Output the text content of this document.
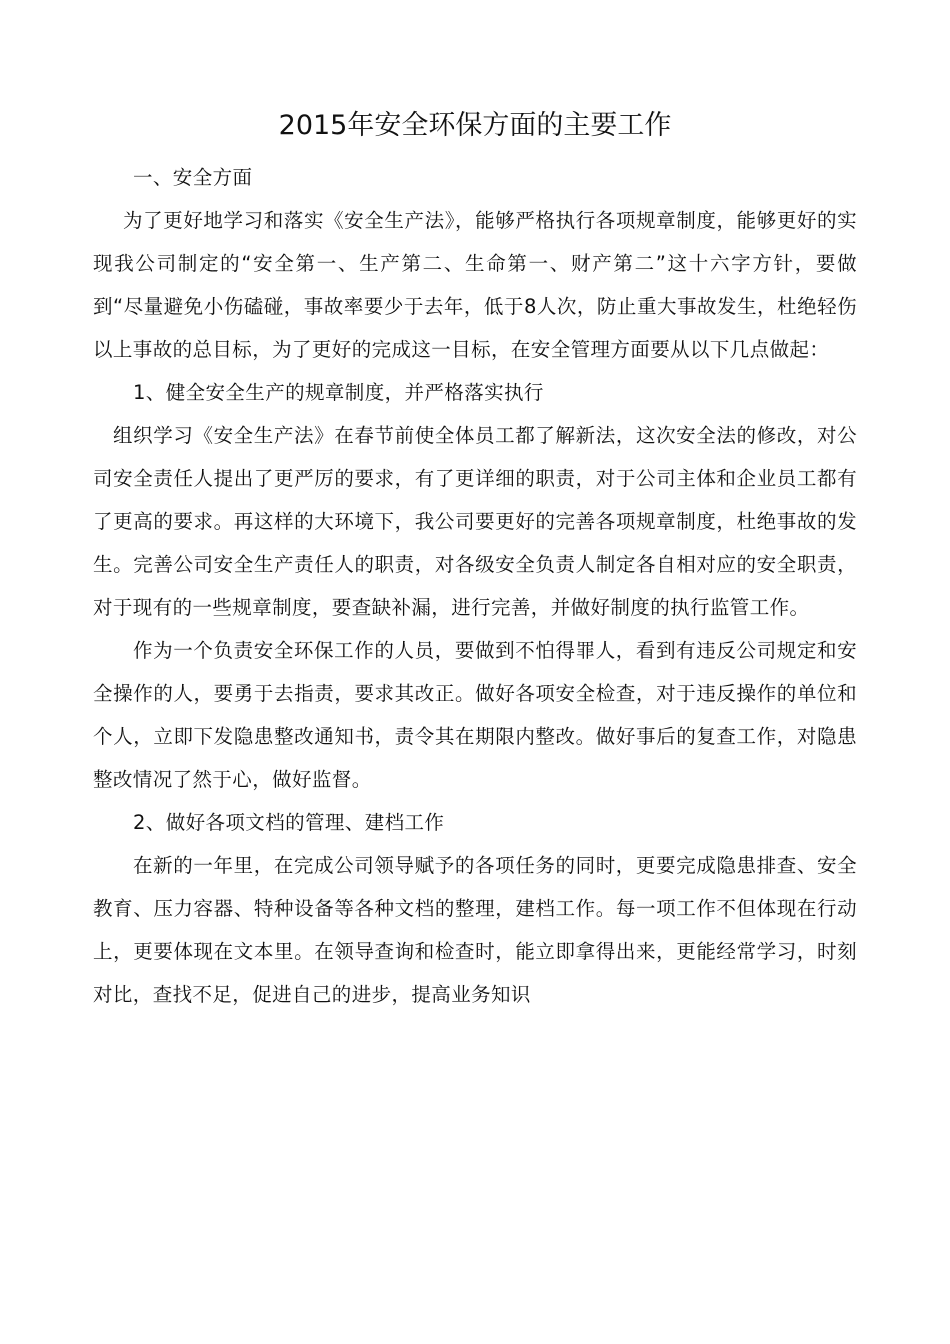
2015年安全环保方面的主要工作

一、安全方面

为了更好地学习和落实《安全生产法》，能够严格执行各项规章制度，能够更好的实现我公司制定的“安全第一、生产第二、生命第一、财产第二”这十六字方针，要做到“尽量避免小伤磕碰，事故率要少于去年，低于8人次，防止重大事故发生，杜绝轻伤以上事故的总目标，为了更好的完成这一目标，在安全管理方面要从以下几点做起：

1、健全安全生产的规章制度，并严格落实执行

组织学习《安全生产法》在春节前使全体员工都了解新法，这次安全法的修改，对公司安全责任人提出了更严厉的要求，有了更详细的职责，对于公司主体和企业员工都有了更高的要求。再这样的大环境下，我公司要更好的完善各项规章制度，杜绝事故的发生。完善公司安全生产责任人的职责，对各级安全负责人制定各自相对应的安全职责，对于现有的一些规章制度，要查缺补漏，进行完善，并做好制度的执行监管工作。

作为一个负责安全环保工作的人员，要做到不怕得罪人，看到有违反公司规定和安全操作的人，要勇于去指责，要求其改正。做好各项安全检查，对于违反操作的单位和个人，立即下发隐患整改通知书，责令其在期限内整改。做好事后的复查工作，对隐患整改情况了然于心，做好监督。

2、做好各项文档的管理、建档工作

在新的一年里，在完成公司领导赋予的各项任务的同时，更要完成隐患排查、安全教育、压力容器、特种设备等各种文档的整理，建档工作。每一项工作不但体现在行动上，更要体现在文本里。在领导查询和检查时，能立即拿得出来，更能经常学习，时刻对比，查找不足，促进自己的进步，提高业务知识
